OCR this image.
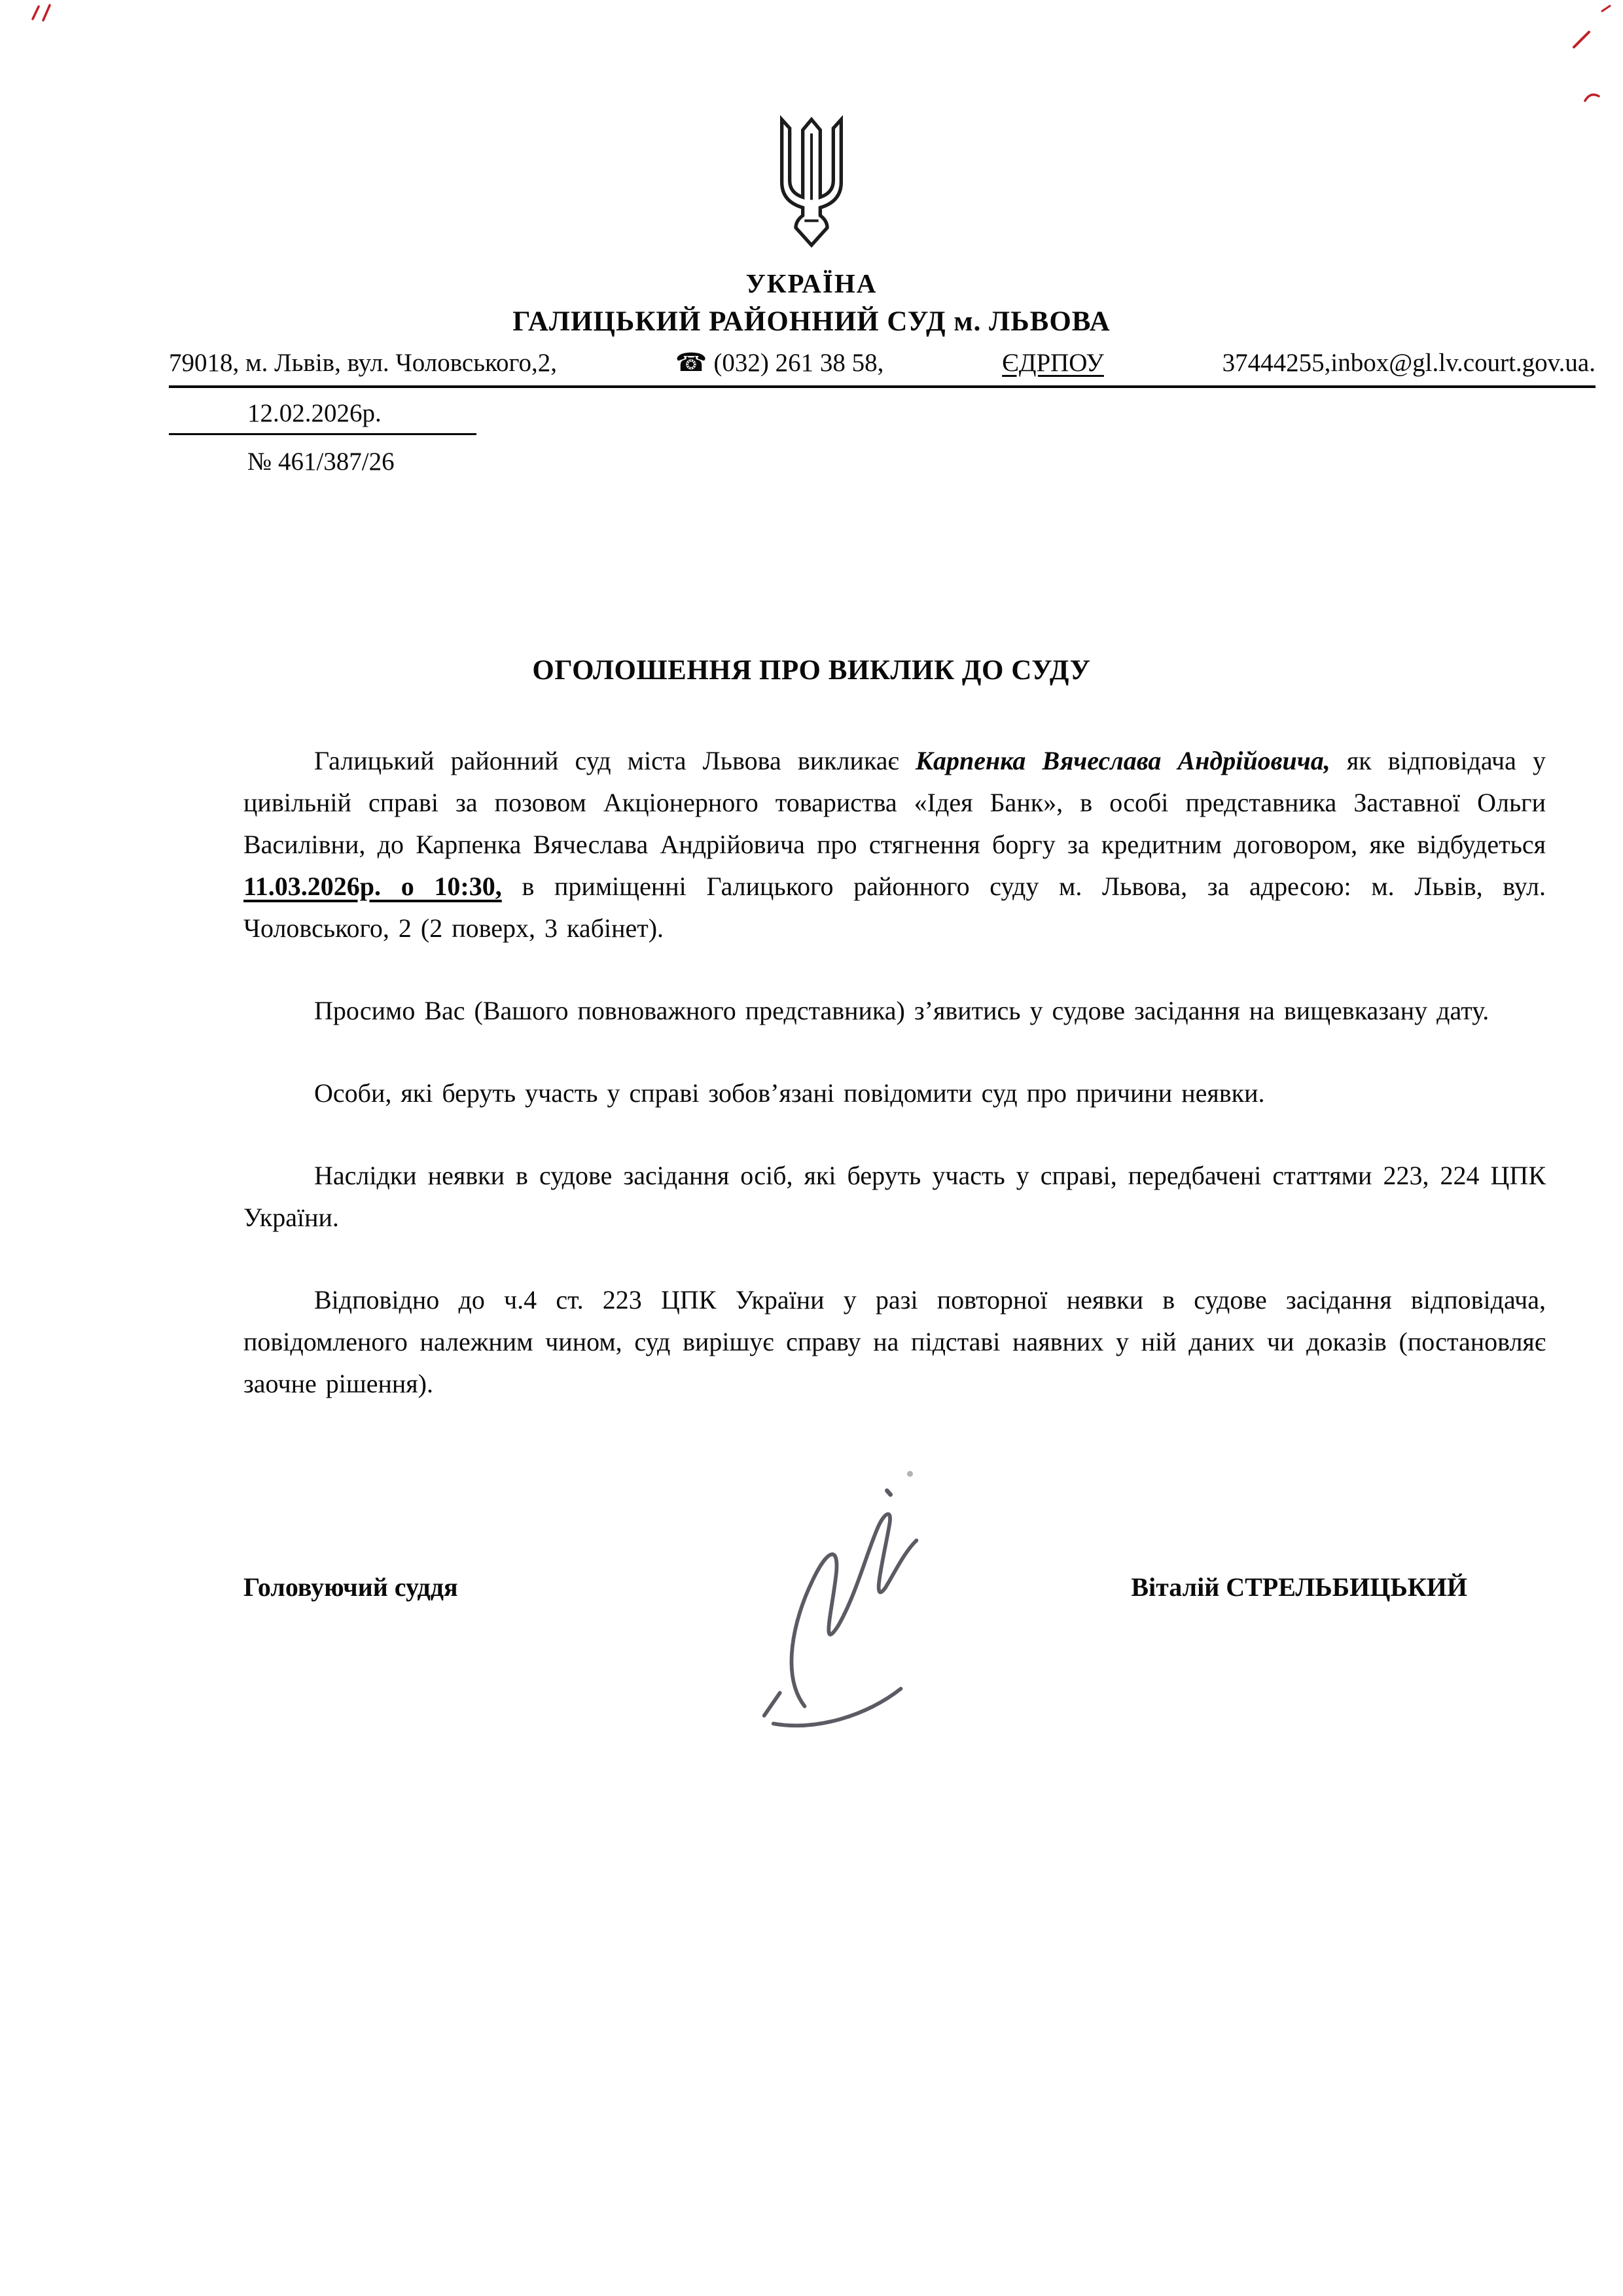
УКРАЇНА
ГАЛИЦЬКИЙ РАЙОННИЙ СУД м. ЛЬВОВА
79018, м. Львів, вул. Чоловського,2,	☎ (032) 261 38 58,	ЄДРПОУ	37444255,inbox@gl.lv.court.gov.ua.
12.02.2026р.
№ 461/387/26
ОГОЛОШЕННЯ ПРО ВИКЛИК ДО СУДУ

Галицький районний суд міста Львова викликає Карпенка Вячеслава Андрійовича, як відповідача у цивільній справі за позовом Акціонерного товариства «Ідея Банк», в особі представника Заставної Ольги Василівни, до Карпенка Вячеслава Андрійовича про стягнення боргу за кредитним договором, яке відбудеться 11.03.2026р. о 10:30, в приміщенні Галицького районного суду м. Львова, за адресою: м. Львів, вул. Чоловського, 2 (2 поверх, 3 кабінет).

Просимо Вас (Вашого повноважного представника) з’явитись у судове засідання на вищевказану дату.

Особи, які беруть участь у справі зобов’язані повідомити суд про причини неявки.

Наслідки неявки в судове засідання осіб, які беруть участь у справі, передбачені статтями 223, 224 ЦПК України.

Відповідно до ч.4 ст. 223 ЦПК України у разі повторної неявки в судове засідання відповідача, повідомленого належним чином, суд вирішує справу на підставі наявних у ній даних чи доказів (постановляє заочне рішення).

Головуючий суддя	Віталій СТРЕЛЬБИЦЬКИЙ
